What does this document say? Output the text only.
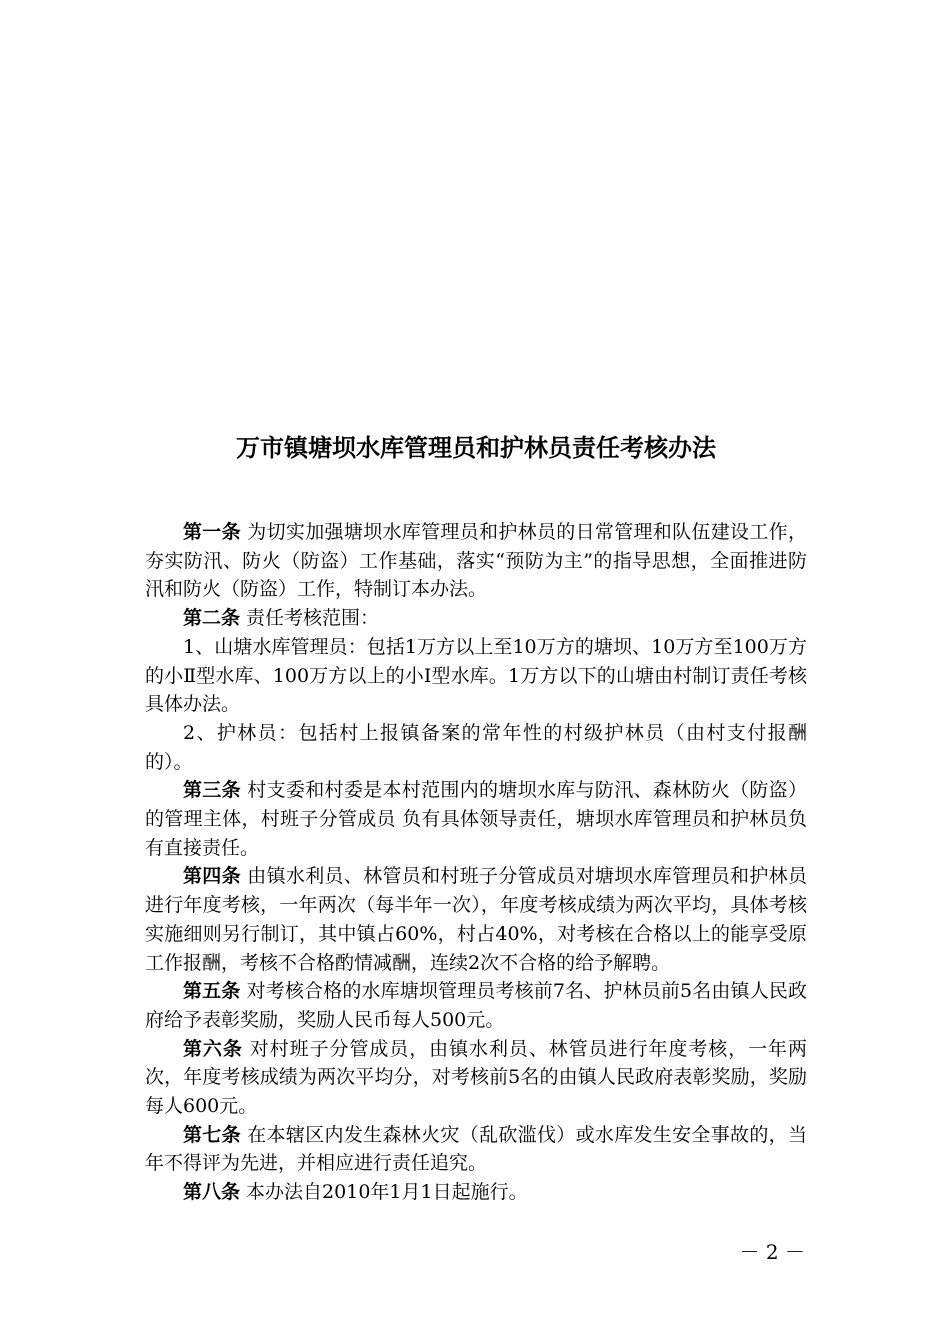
万市镇塘坝水库管理员和护林员责任考核办法

第一条 为切实加强塘坝水库管理员和护林员的日常管理和队伍建设工作，夯实防汛、防火（防盗）工作基础，落实“预防为主”的指导思想，全面推进防汛和防火（防盗）工作，特制订本办法。

第二条 责任考核范围：

1、山塘水库管理员：包括1万方以上至10万方的塘坝、10万方至100万方的小Ⅱ型水库、100万方以上的小Ⅰ型水库。1万方以下的山塘由村制订责任考核具体办法。

2、护林员：包括村上报镇备案的常年性的村级护林员（由村支付报酬的）。

第三条 村支委和村委是本村范围内的塘坝水库与防汛、森林防火（防盗）的管理主体，村班子分管成员 负有具体领导责任，塘坝水库管理员和护林员负有直接责任。

第四条 由镇水利员、林管员和村班子分管成员对塘坝水库管理员和护林员进行年度考核，一年两次（每半年一次），年度考核成绩为两次平均，具体考核实施细则另行制订，其中镇占60%，村占40%，对考核在合格以上的能享受原工作报酬，考核不合格酌情减酬，连续2次不合格的给予解聘。

第五条 对考核合格的水库塘坝管理员考核前7名、护林员前5名由镇人民政府给予表彰奖励，奖励人民币每人500元。

第六条 对村班子分管成员，由镇水利员、林管员进行年度考核，一年两次，年度考核成绩为两次平均分，对考核前5名的由镇人民政府表彰奖励，奖励每人600元。

第七条 在本辖区内发生森林火灾（乱砍滥伐）或水库发生安全事故的，当年不得评为先进，并相应进行责任追究。

第八条 本办法自2010年1月1日起施行。

－ 2 －
